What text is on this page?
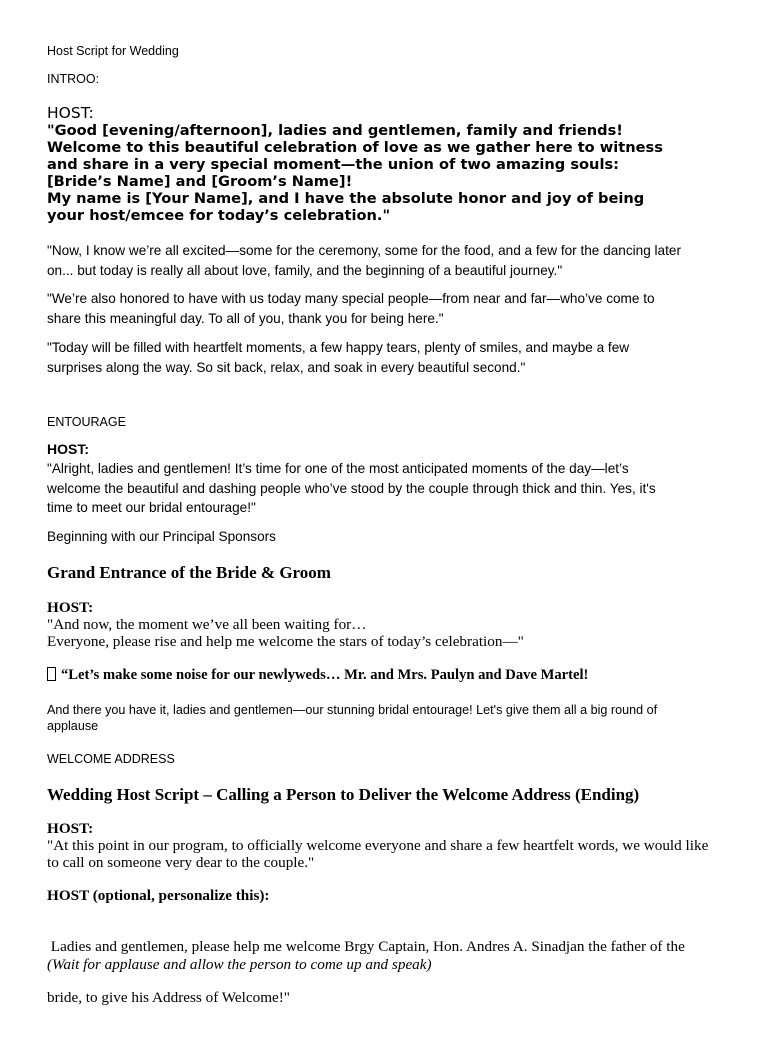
Host Script for Wedding

INTROO:

HOST:

"Good [evening/afternoon], ladies and gentlemen, family and friends!
Welcome to this beautiful celebration of love as we gather here to witness
and share in a very special moment—the union of two amazing souls:
[Bride’s Name] and [Groom’s Name]!
My name is [Your Name], and I have the absolute honor and joy of being
your host/emcee for today’s celebration."
"Now, I know we’re all excited—some for the ceremony, some for the food, and a few for the dancing later
on... but today is really all about love, family, and the beginning of a beautiful journey."
"We’re also honored to have with us today many special people—from near and far—who’ve come to
share this meaningful day. To all of you, thank you for being here."
"Today will be filled with heartfelt moments, a few happy tears, plenty of smiles, and maybe a few
surprises along the way. So sit back, relax, and soak in every beautiful second."

ENTOURAGE

HOST:

"Alright, ladies and gentlemen! It’s time for one of the most anticipated moments of the day—let’s
welcome the beautiful and dashing people who’ve stood by the couple through thick and thin. Yes, it's
time to meet our bridal entourage!"

Beginning with our Principal Sponsors

Grand Entrance of the Bride & Groom

HOST:

"And now, the moment we’ve all been waiting for…
Everyone, please rise and help me welcome the stars of today’s celebration—"
“Let’s make some noise for our newlyweds… Mr. and Mrs. Paulyn and Dave Martel!
And there you have it, ladies and gentlemen—our stunning bridal entourage! Let's give them all a big round of
applause

WELCOME ADDRESS

Wedding Host Script – Calling a Person to Deliver the Welcome Address (Ending)

HOST:

"At this point in our program, to officially welcome everyone and share a few heartfelt words, we would like
to call on someone very dear to the couple."

HOST (optional, personalize this):

Ladies and gentlemen, please help me welcome Brgy Captain, Hon. Andres A. Sinadjan the father of the

bride, to give his Address of Welcome!"

(Wait for applause and allow the person to come up and speak)
